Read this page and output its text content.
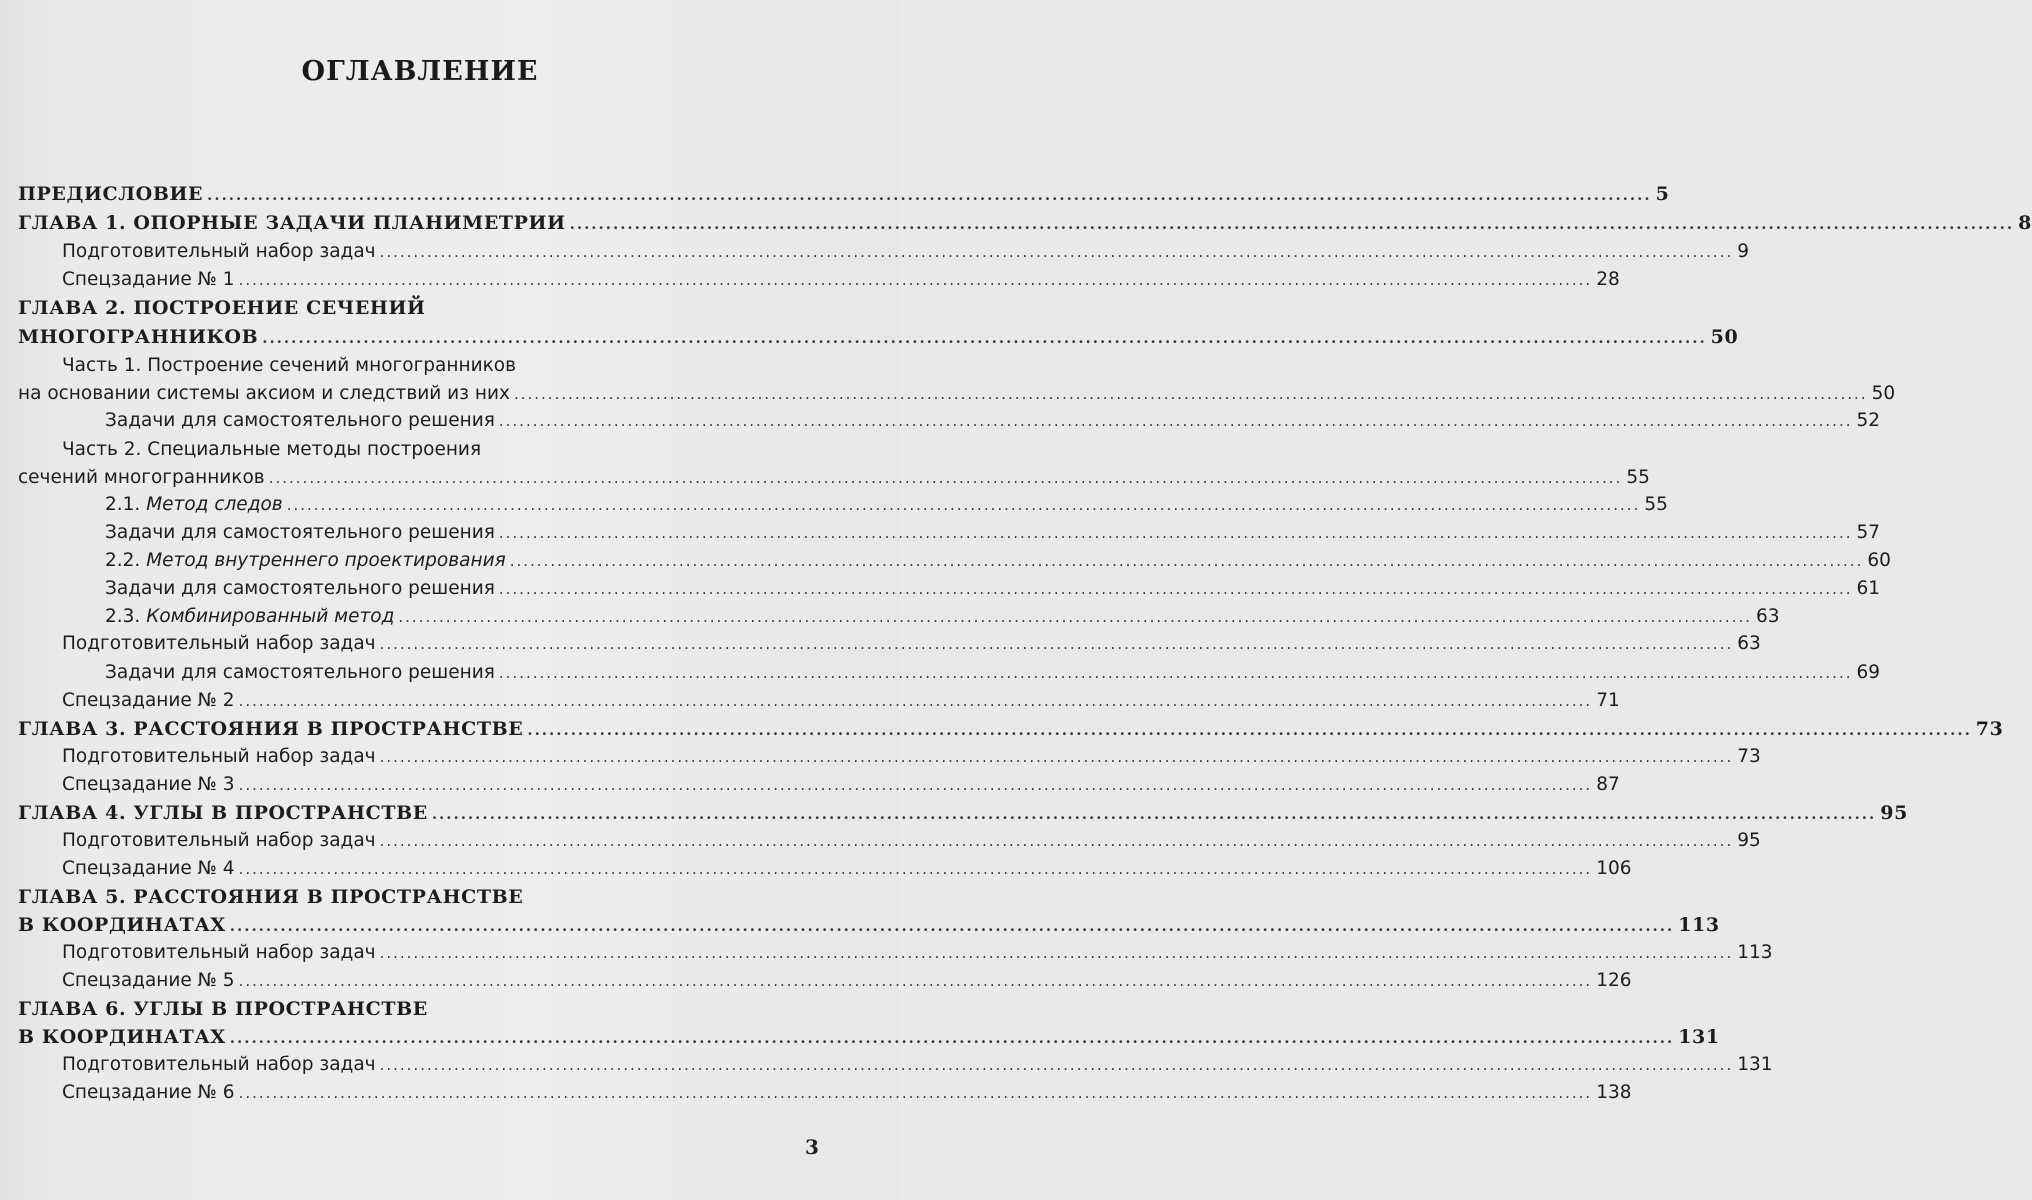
ОГЛАВЛЕНИЕ
ПРЕДИСЛОВИЕ ........................................................................................................................................................................................................ 5
ГЛАВА 1. ОПОРНЫЕ ЗАДАЧИ ПЛАНИМЕТРИИ ........................................................................................................................................................................................................ 8
Подготовительный набор задач ........................................................................................................................................................................................................ 9
Спецзадание № 1 ........................................................................................................................................................................................................ 28
ГЛАВА 2. ПОСТРОЕНИЕ СЕЧЕНИЙ
МНОГОГРАННИКОВ ........................................................................................................................................................................................................ 50
Часть 1. Построение сечений многогранников
на основании системы аксиом и следствий из них ........................................................................................................................................................................................................ 50
Задачи для самостоятельного решения ........................................................................................................................................................................................................ 52
Часть 2. Специальные методы построения
сечений многогранников ........................................................................................................................................................................................................ 55
2.1. Метод следов ........................................................................................................................................................................................................ 55
Задачи для самостоятельного решения ........................................................................................................................................................................................................ 57
2.2. Метод внутреннего проектирования ........................................................................................................................................................................................................ 60
Задачи для самостоятельного решения ........................................................................................................................................................................................................ 61
2.3. Комбинированный метод ........................................................................................................................................................................................................ 63
Подготовительный набор задач ........................................................................................................................................................................................................ 63
Задачи для самостоятельного решения ........................................................................................................................................................................................................ 69
Спецзадание № 2 ........................................................................................................................................................................................................ 71
ГЛАВА 3. РАССТОЯНИЯ В ПРОСТРАНСТВЕ ........................................................................................................................................................................................................ 73
Подготовительный набор задач ........................................................................................................................................................................................................ 73
Спецзадание № 3 ........................................................................................................................................................................................................ 87
ГЛАВА 4. УГЛЫ В ПРОСТРАНСТВЕ ........................................................................................................................................................................................................ 95
Подготовительный набор задач ........................................................................................................................................................................................................ 95
Спецзадание № 4 ........................................................................................................................................................................................................ 106
ГЛАВА 5. РАССТОЯНИЯ В ПРОСТРАНСТВЕ
В КООРДИНАТАХ ........................................................................................................................................................................................................ 113
Подготовительный набор задач ........................................................................................................................................................................................................ 113
Спецзадание № 5 ........................................................................................................................................................................................................ 126
ГЛАВА 6. УГЛЫ В ПРОСТРАНСТВЕ
В КООРДИНАТАХ ........................................................................................................................................................................................................ 131
Подготовительный набор задач ........................................................................................................................................................................................................ 131
Спецзадание № 6 ........................................................................................................................................................................................................ 138
3
